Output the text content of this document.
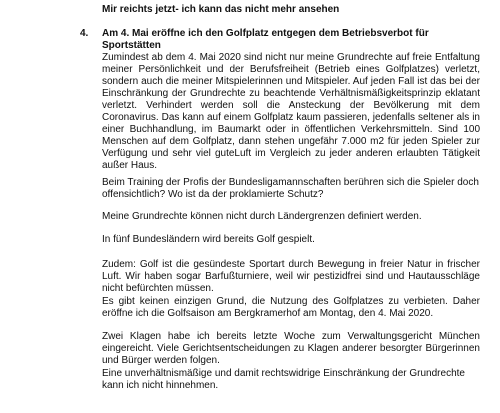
Mir reichts jetzt- ich kann das nicht mehr ansehen
4.	Am 4. Mai eröffne ich den Golfplatz entgegen dem Betriebsverbot für Sportstätten

Zumindest ab dem 4. Mai 2020 sind nicht nur meine Grundrechte auf freie Entfaltung meiner Persönlichkeit und der Berufsfreiheit (Betrieb eines Golfplatzes) verletzt, sondern auch die meiner Mitspielerinnen und Mitspieler. Auf jeden Fall ist das bei der Einschränkung der Grundrechte zu beachtende Verhältnismäßigkeitsprinzip eklatant verletzt. Verhindert werden soll die Ansteckung der Bevölkerung mit dem Coronavirus. Das kann auf einem Golfplatz kaum passieren, jedenfalls seltener als in einer Buchhandlung, im Baumarkt oder in öffentlichen Verkehrsmitteln. Sind 100 Menschen auf dem Golfplatz, dann stehen ungefähr 7.000 m2 für jeden Spieler zur Verfügung und sehr viel guteLuft im Vergleich zu jeder anderen erlaubten Tätigkeit außer Haus.

Beim Training der Profis der Bundesligamannschaften berühren sich die Spieler doch offensichtlich? Wo ist da der proklamierte Schutz?

Meine Grundrechte können nicht durch Ländergrenzen definiert werden.

In fünf Bundesländern wird bereits Golf gespielt.

Zudem: Golf ist die gesündeste Sportart durch Bewegung in freier Natur in frischer Luft. Wir haben sogar Barfußturniere, weil wir pestizidfrei sind und Hautausschläge nicht befürchten müssen.

Es gibt keinen einzigen Grund, die Nutzung des Golfplatzes zu verbieten. Daher eröffne ich die Golfsaison am Bergkramerhof am Montag, den 4. Mai 2020.

Zwei Klagen habe ich bereits letzte Woche zum Verwaltungsgericht München eingereicht. Viele Gerichtsentscheidungen zu Klagen anderer besorgter Bürgerinnen und Bürger werden folgen.

Eine unverhältnismäßige und damit rechtswidrige Einschränkung der Grundrechte kann ich nicht hinnehmen.
